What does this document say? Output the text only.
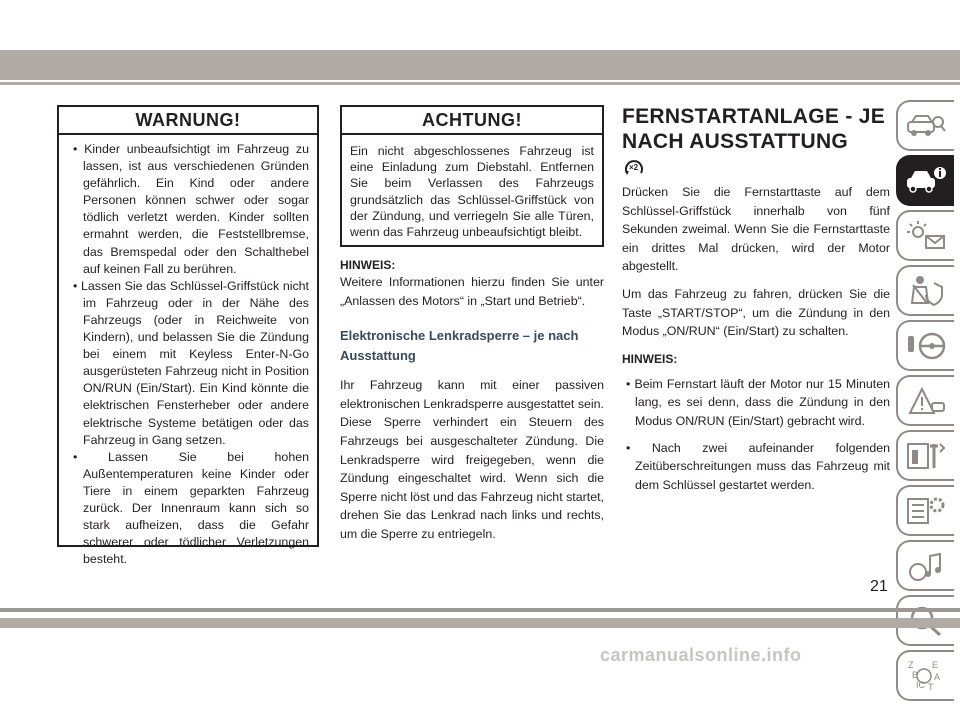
WARNUNG!
• Kinder unbeaufsichtigt im Fahrzeug zu lassen, ist aus verschiedenen Gründen gefährlich. Ein Kind oder andere Personen können schwer oder sogar tödlich verletzt werden. Kinder sollten ermahnt werden, die Feststellbremse, das Bremspedal oder den Schalthebel auf keinen Fall zu berühren.
• Lassen Sie das Schlüssel-Griffstück nicht im Fahrzeug oder in der Nähe des Fahrzeugs (oder in Reichweite von Kindern), und belassen Sie die Zündung bei einem mit Keyless Enter-N-Go ausgerüsteten Fahrzeug nicht in Position ON/RUN (Ein/Start). Ein Kind könnte die elektrischen Fensterheber oder andere elektrische Systeme betätigen oder das Fahrzeug in Gang setzen.
• Lassen Sie bei hohen Außentemperaturen keine Kinder oder Tiere in einem geparkten Fahrzeug zurück. Der Innenraum kann sich so stark aufheizen, dass die Gefahr schwerer oder tödlicher Verletzungen besteht.
ACHTUNG!

Ein nicht abgeschlossenes Fahrzeug ist eine Einladung zum Diebstahl. Entfernen Sie beim Verlassen des Fahrzeugs grundsätzlich das Schlüssel-Griffstück von der Zündung, und verriegeln Sie alle Türen, wenn das Fahrzeug unbeaufsichtigt bleibt.

HINWEIS:

Weitere Informationen hierzu finden Sie unter „Anlassen des Motors“ in „Start und Betrieb“.

Elektronische Lenkradsperre – je nach Ausstattung

Ihr Fahrzeug kann mit einer passiven elektronischen Lenkradsperre ausgestattet sein. Diese Sperre verhindert ein Steuern des Fahrzeugs bei ausgeschalteter Zündung. Die Lenkradsperre wird freigegeben, wenn die Zündung eingeschaltet wird. Wenn sich die Sperre nicht löst und das Fahrzeug nicht startet, drehen Sie das Lenkrad nach links und rechts, um die Sperre zu entriegeln.

FERNSTARTANLAGE - JE
NACH AUSSTATTUNG
×2

Drücken Sie die Fernstarttaste auf dem Schlüssel-Griffstück innerhalb von fünf Sekunden zweimal. Wenn Sie die Fernstarttaste ein drittes Mal drücken, wird der Motor abgestellt.

Um das Fahrzeug zu fahren, drücken Sie die Taste „START/STOP“, um die Zündung in den Modus „ON/RUN“ (Ein/Start) zu schalten.

HINWEIS:
• Beim Fernstart läuft der Motor nur 15 Minuten lang, es sei denn, dass die Zündung in den Modus ON/RUN (Ein/Start) gebracht wird.
• Nach zwei aufeinander folgenden Zeitüberschreitungen muss das Fahrzeug mit dem Schlüssel gestartet werden.
Z E
B A
IC T
21
carmanualsonline.info
